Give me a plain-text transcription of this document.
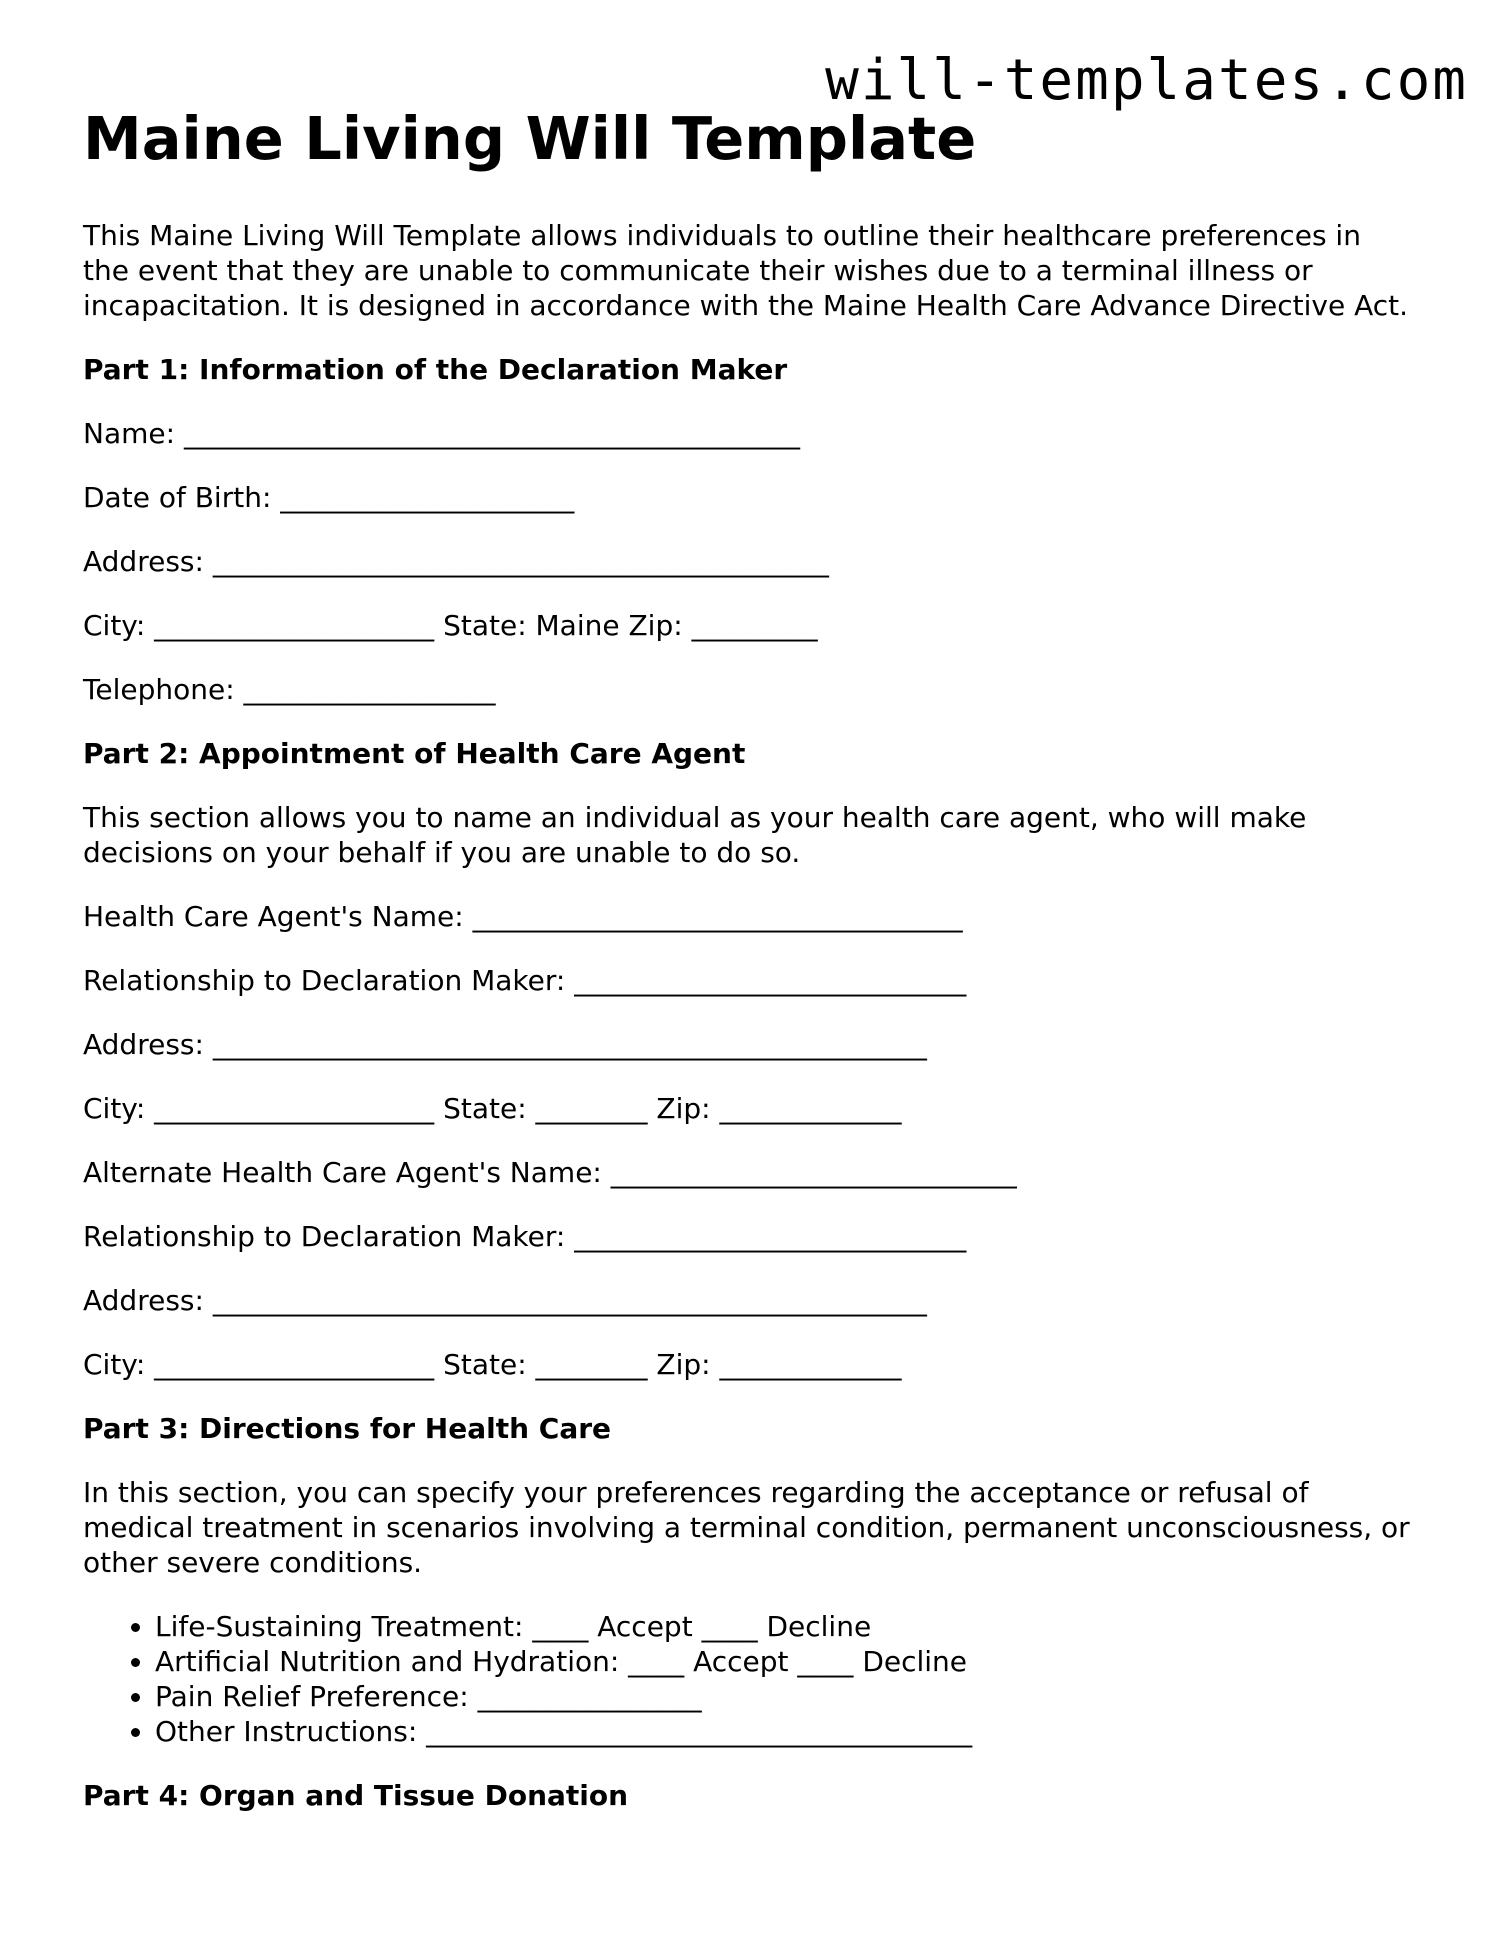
will-templates.com
Maine Living Will Template

This Maine Living Will Template allows individuals to outline their healthcare preferences in the event that they are unable to communicate their wishes due to a terminal illness or incapacitation. It is designed in accordance with the Maine Health Care Advance Directive Act.

Part 1: Information of the Declaration Maker
Name: ____________________________________________
Date of Birth: _____________________
Address: ____________________________________________
City: ____________________ State: Maine Zip: _________
Telephone: __________________
Part 2: Appointment of Health Care Agent

This section allows you to name an individual as your health care agent, who will make decisions on your behalf if you are unable to do so.

Health Care Agent's Name: ___________________________________
Relationship to Declaration Maker: ____________________________
Address: ___________________________________________________
City: ____________________ State: ________ Zip: _____________
Alternate Health Care Agent's Name: _____________________________
Relationship to Declaration Maker: ____________________________
Address: ___________________________________________________
City: ____________________ State: ________ Zip: _____________
Part 3: Directions for Health Care

In this section, you can specify your preferences regarding the acceptance or refusal of medical treatment in scenarios involving a terminal condition, permanent unconsciousness, or other severe conditions.

• Life-Sustaining Treatment: ____ Accept ____ Decline
• Artificial Nutrition and Hydration: ____ Accept ____ Decline
• Pain Relief Preference: ________________
• Other Instructions: _______________________________________
Part 4: Organ and Tissue Donation
